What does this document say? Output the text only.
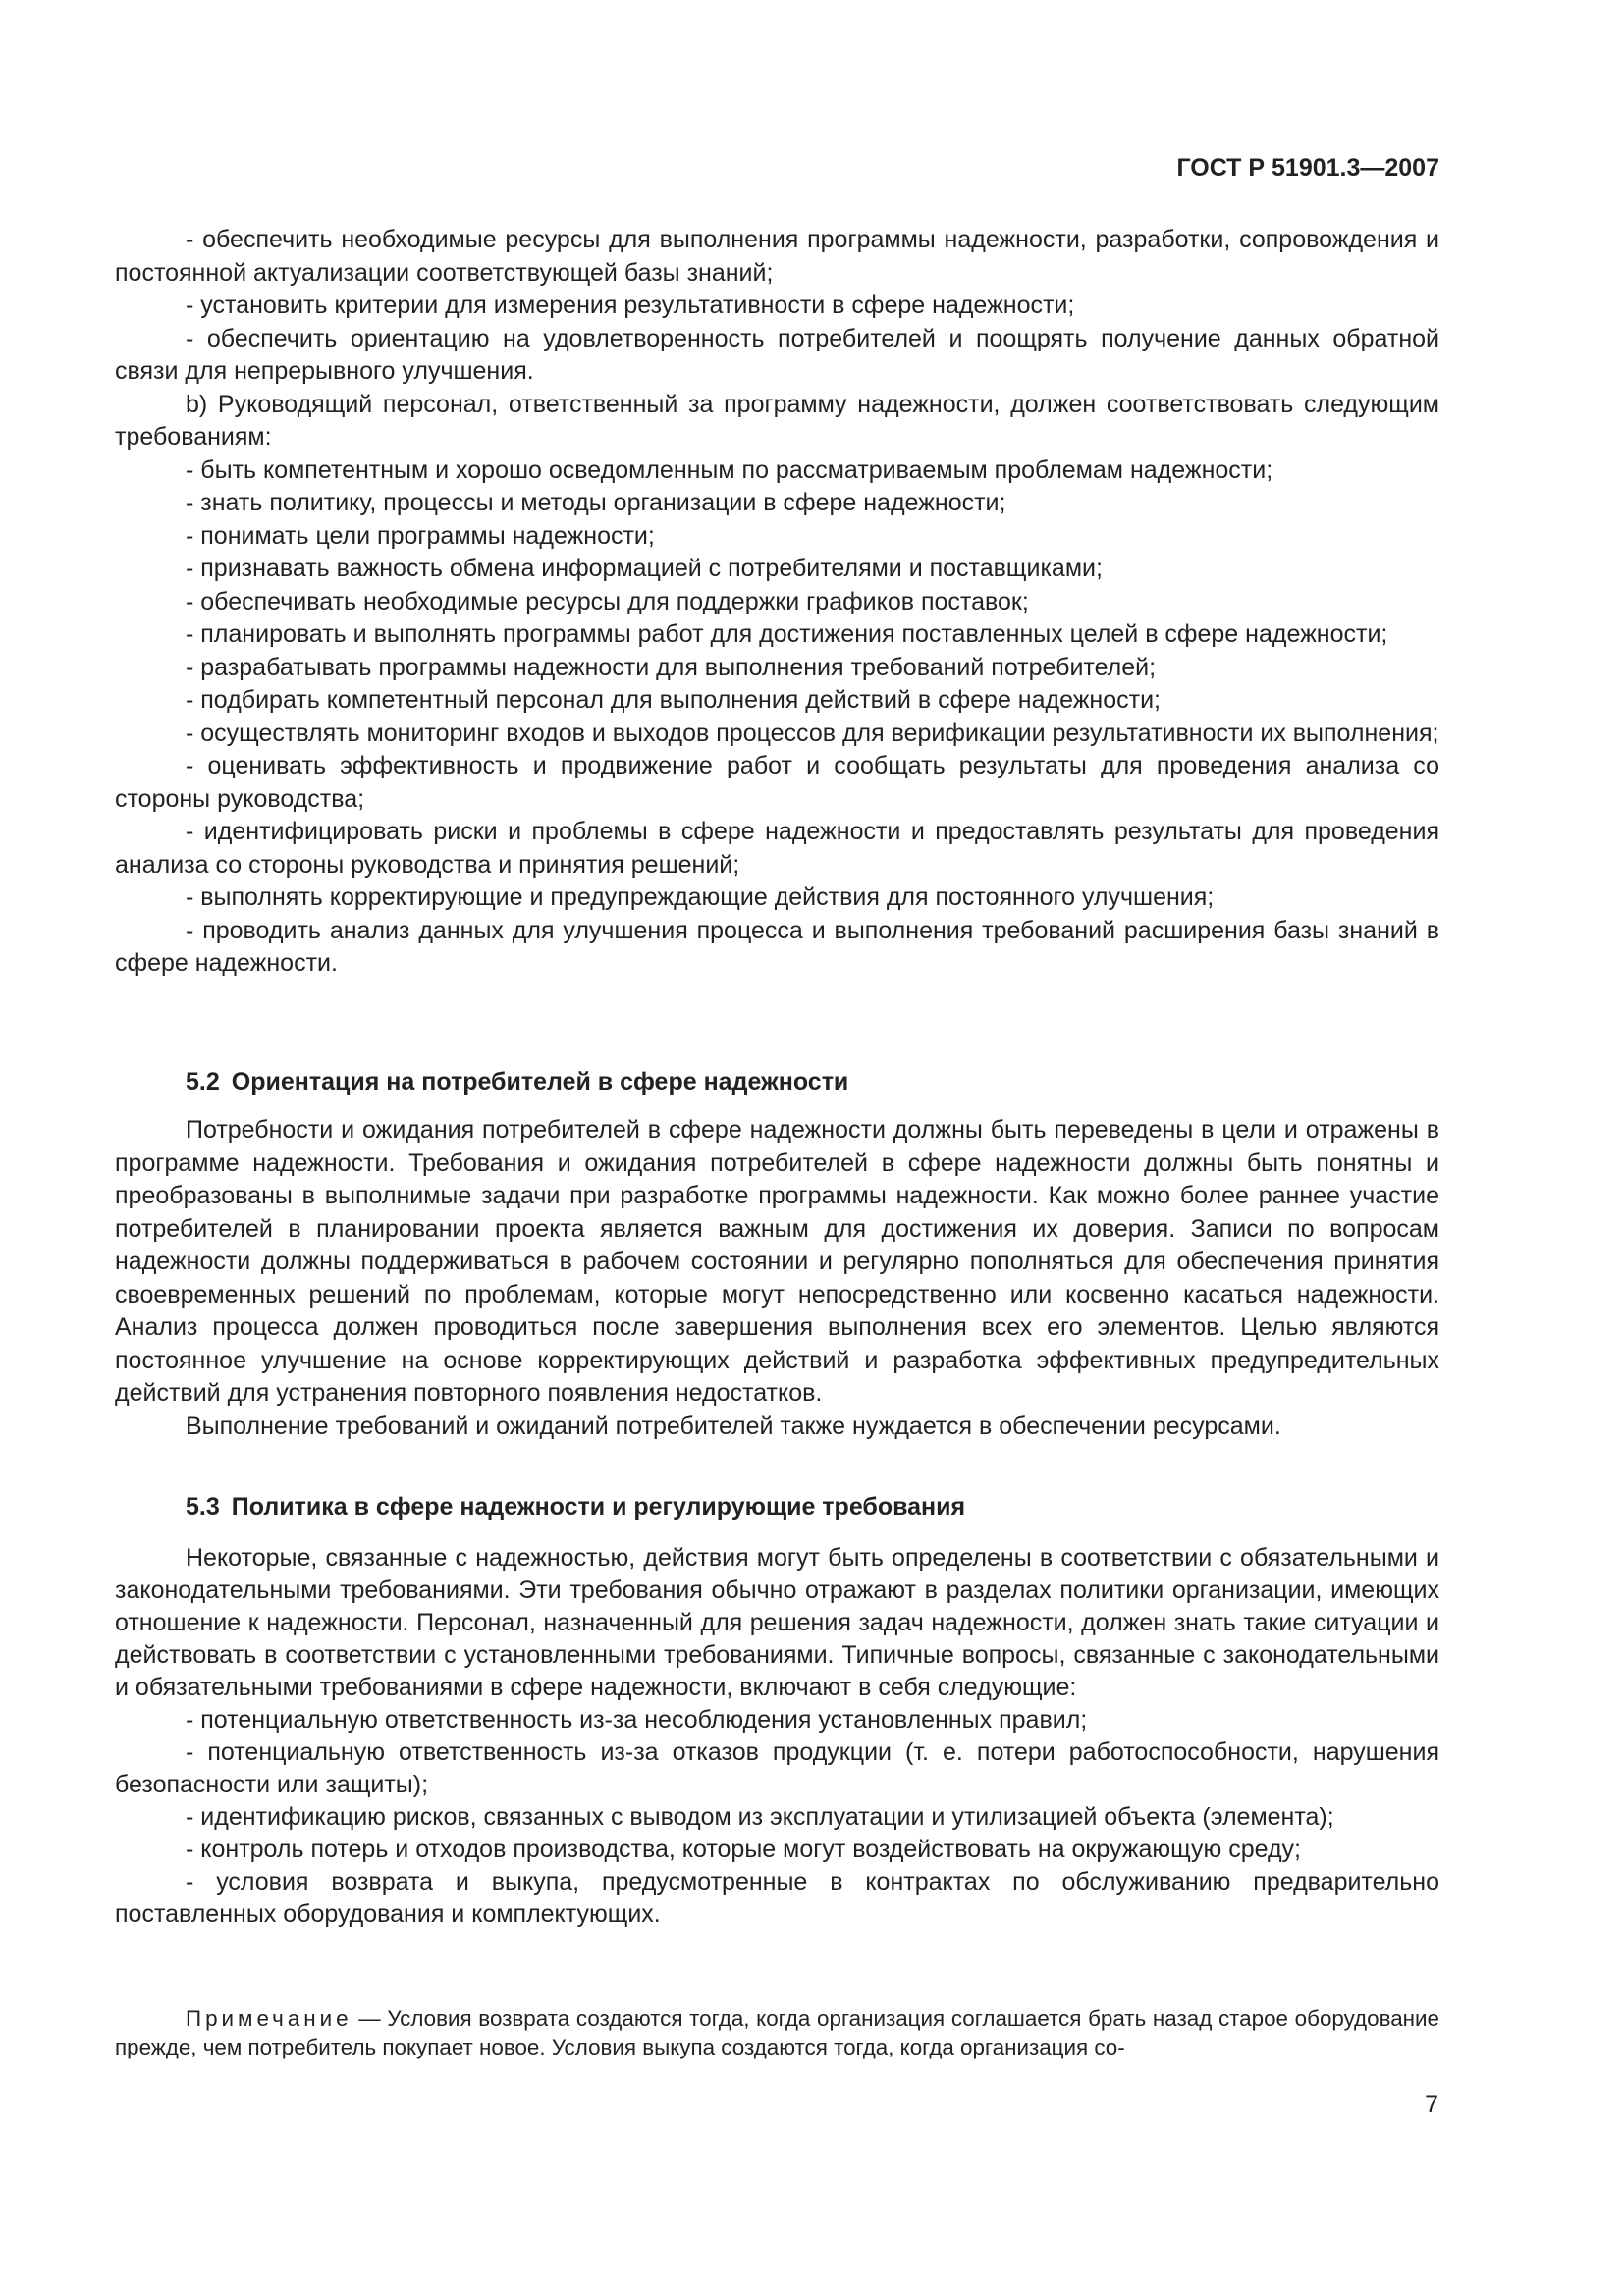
ГОСТ Р 51901.3—2007

- обеспечить необходимые ресурсы для выполнения программы надежности, разработки, сопровождения и постоянной актуализации соответствующей базы знаний;

- установить критерии для измерения результативности в сфере надежности;

- обеспечить ориентацию на удовлетворенность потребителей и поощрять получение данных обратной связи для непрерывного улучшения.

b) Руководящий персонал, ответственный за программу надежности, должен соответствовать следующим требованиям:

- быть компетентным и хорошо осведомленным по рассматриваемым проблемам надежности;

- знать политику, процессы и методы организации в сфере надежности;

- понимать цели программы надежности;

- признавать важность обмена информацией с потребителями и поставщиками;

- обеспечивать необходимые ресурсы для поддержки графиков поставок;

- планировать и выполнять программы работ для достижения поставленных целей в сфере надежности;

- разрабатывать программы надежности для выполнения требований потребителей;

- подбирать компетентный персонал для выполнения действий в сфере надежности;

- осуществлять мониторинг входов и выходов процессов для верификации результативности их выполнения;

- оценивать эффективность и продвижение работ и сообщать результаты для проведения анализа со стороны руководства;

- идентифицировать риски и проблемы в сфере надежности и предоставлять результаты для проведения анализа со стороны руководства и принятия решений;

- выполнять корректирующие и предупреждающие действия для постоянного улучшения;

- проводить анализ данных для улучшения процесса и выполнения требований расширения базы знаний в сфере надежности.

5.2 Ориентация на потребителей в сфере надежности

Потребности и ожидания потребителей в сфере надежности должны быть переведены в цели и отражены в программе надежности. Требования и ожидания потребителей в сфере надежности должны быть понятны и преобразованы в выполнимые задачи при разработке программы надежности. Как можно более раннее участие потребителей в планировании проекта является важным для достижения их доверия. Записи по вопросам надежности должны поддерживаться в рабочем состоянии и регулярно пополняться для обеспечения принятия своевременных решений по проблемам, которые могут непосредственно или косвенно касаться надежности. Анализ процесса должен проводиться после завершения выполнения всех его элементов. Целью являются постоянное улучшение на основе корректирующих действий и разработка эффективных предупредительных действий для устранения повторного появления недостатков.

Выполнение требований и ожиданий потребителей также нуждается в обеспечении ресурсами.

5.3 Политика в сфере надежности и регулирующие требования

Некоторые, связанные с надежностью, действия могут быть определены в соответствии с обязательными и законодательными требованиями. Эти требования обычно отражают в разделах политики организации, имеющих отношение к надежности. Персонал, назначенный для решения задач надежности, должен знать такие ситуации и действовать в соответствии с установленными требованиями. Типичные вопросы, связанные с законодательными и обязательными требованиями в сфере надежности, включают в себя следующие:

- потенциальную ответственность из-за несоблюдения установленных правил;

- потенциальную ответственность из-за отказов продукции (т. е. потери работоспособности, нарушения безопасности или защиты);

- идентификацию рисков, связанных с выводом из эксплуатации и утилизацией объекта (элемента);

- контроль потерь и отходов производства, которые могут воздействовать на окружающую среду;

- условия возврата и выкупа, предусмотренные в контрактах по обслуживанию предварительно поставленных оборудования и комплектующих.

Примечание — Условия возврата создаются тогда, когда организация соглашается брать назад старое оборудование прежде, чем потребитель покупает новое. Условия выкупа создаются тогда, когда организация со-

7
